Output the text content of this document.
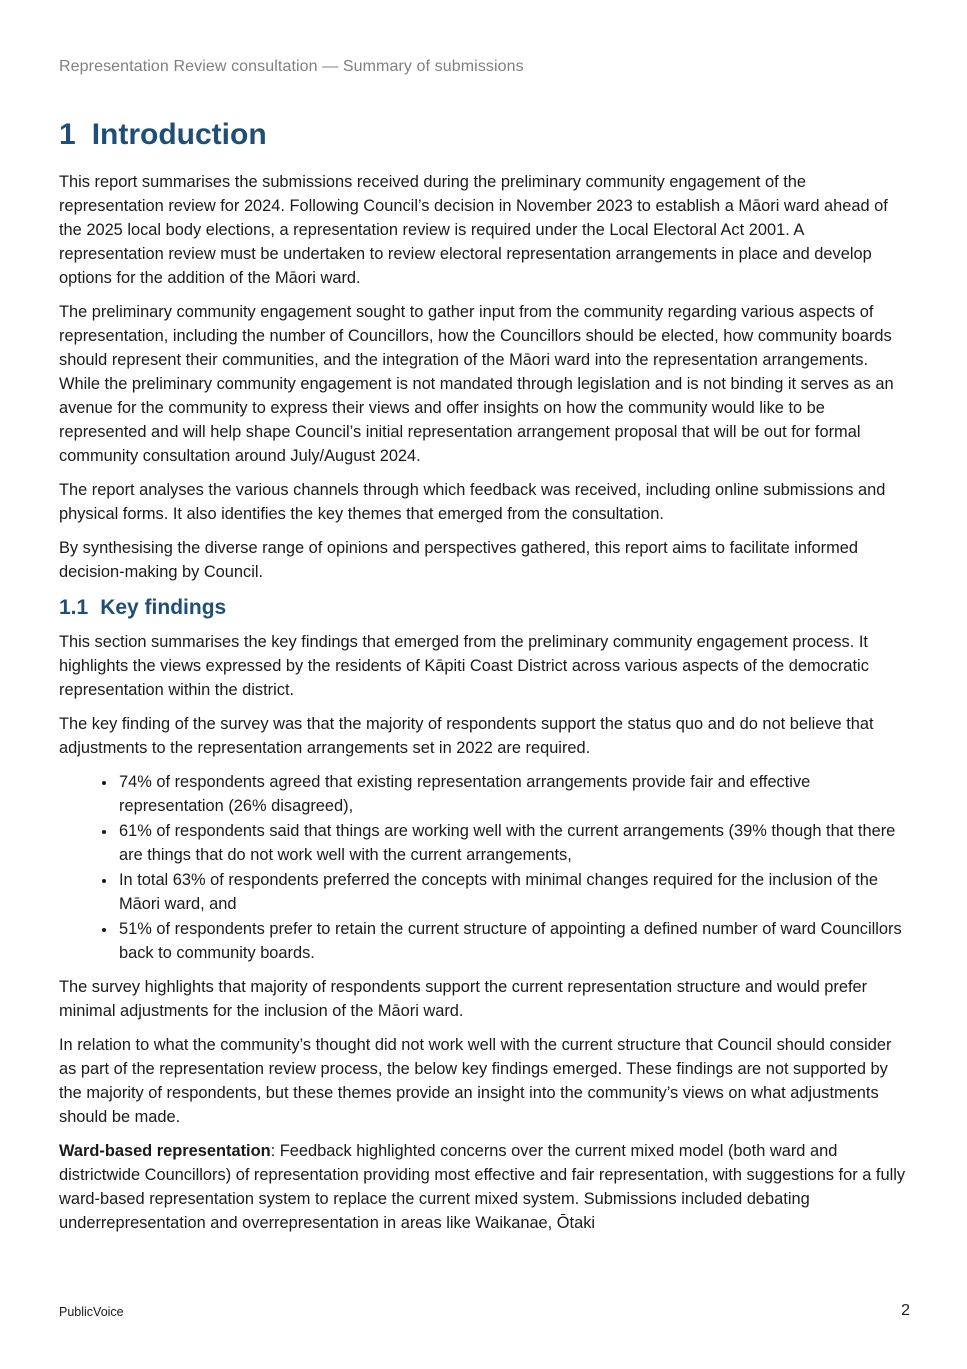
Representation Review consultation — Summary of submissions
1 Introduction

This report summarises the submissions received during the preliminary community engagement of the representation review for 2024. Following Council’s decision in November 2023 to establish a Māori ward ahead of the 2025 local body elections, a representation review is required under the Local Electoral Act 2001. A representation review must be undertaken to review electoral representation arrangements in place and develop options for the addition of the Māori ward.

The preliminary community engagement sought to gather input from the community regarding various aspects of representation, including the number of Councillors, how the Councillors should be elected, how community boards should represent their communities, and the integration of the Māori ward into the representation arrangements. While the preliminary community engagement is not mandated through legislation and is not binding it serves as an avenue for the community to express their views and offer insights on how the community would like to be represented and will help shape Council’s initial representation arrangement proposal that will be out for formal community consultation around July/August 2024.

The report analyses the various channels through which feedback was received, including online submissions and physical forms. It also identifies the key themes that emerged from the consultation.

By synthesising the diverse range of opinions and perspectives gathered, this report aims to facilitate informed decision-making by Council.

1.1 Key findings

This section summarises the key findings that emerged from the preliminary community engagement process. It highlights the views expressed by the residents of Kāpiti Coast District across various aspects of the democratic representation within the district.

The key finding of the survey was that the majority of respondents support the status quo and do not believe that adjustments to the representation arrangements set in 2022 are required.

• 74% of respondents agreed that existing representation arrangements provide fair and effective representation (26% disagreed),
• 61% of respondents said that things are working well with the current arrangements (39% though that there are things that do not work well with the current arrangements,
• In total 63% of respondents preferred the concepts with minimal changes required for the inclusion of the Māori ward, and
• 51% of respondents prefer to retain the current structure of appointing a defined number of ward Councillors back to community boards.

The survey highlights that majority of respondents support the current representation structure and would prefer minimal adjustments for the inclusion of the Māori ward.

In relation to what the community’s thought did not work well with the current structure that Council should consider as part of the representation review process, the below key findings emerged. These findings are not supported by the majority of respondents, but these themes provide an insight into the community’s views on what adjustments should be made.

Ward-based representation: Feedback highlighted concerns over the current mixed model (both ward and districtwide Councillors) of representation providing most effective and fair representation, with suggestions for a fully ward-based representation system to replace the current mixed system. Submissions included debating underrepresentation and overrepresentation in areas like Waikanae, Ōtaki

PublicVoice	2
